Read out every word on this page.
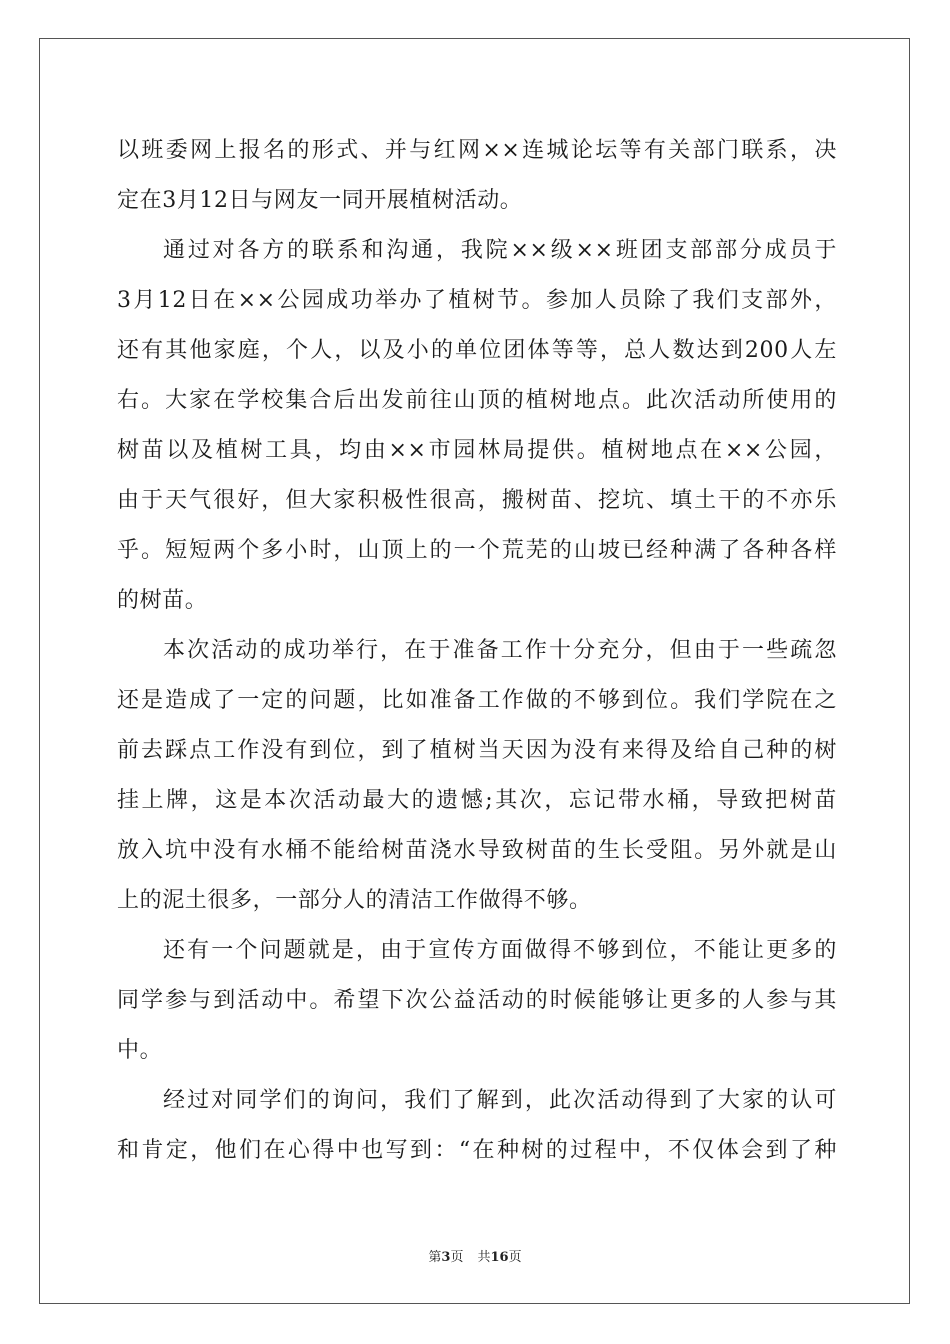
以班委网上报名的形式、并与红网××连城论坛等有关部门联系，决
定在3月12日与网友一同开展植树活动。
通过对各方的联系和沟通，我院××级××班团支部部分成员于
3月12日在××公园成功举办了植树节。参加人员除了我们支部外，
还有其他家庭，个人，以及小的单位团体等等，总人数达到200人左
右。大家在学校集合后出发前往山顶的植树地点。此次活动所使用的
树苗以及植树工具，均由××市园林局提供。植树地点在××公园，
由于天气很好，但大家积极性很高，搬树苗、挖坑、填土干的不亦乐
乎。短短两个多小时，山顶上的一个荒芜的山坡已经种满了各种各样
的树苗。
本次活动的成功举行，在于准备工作十分充分，但由于一些疏忽
还是造成了一定的问题，比如准备工作做的不够到位。我们学院在之
前去踩点工作没有到位，到了植树当天因为没有来得及给自己种的树
挂上牌，这是本次活动最大的遗憾;其次，忘记带水桶，导致把树苗
放入坑中没有水桶不能给树苗浇水导致树苗的生长受阻。另外就是山
上的泥土很多，一部分人的清洁工作做得不够。
还有一个问题就是，由于宣传方面做得不够到位，不能让更多的
同学参与到活动中。希望下次公益活动的时候能够让更多的人参与其
中。
经过对同学们的询问，我们了解到，此次活动得到了大家的认可
和肯定，他们在心得中也写到：“在种树的过程中，不仅体会到了种
第3页 共16页
